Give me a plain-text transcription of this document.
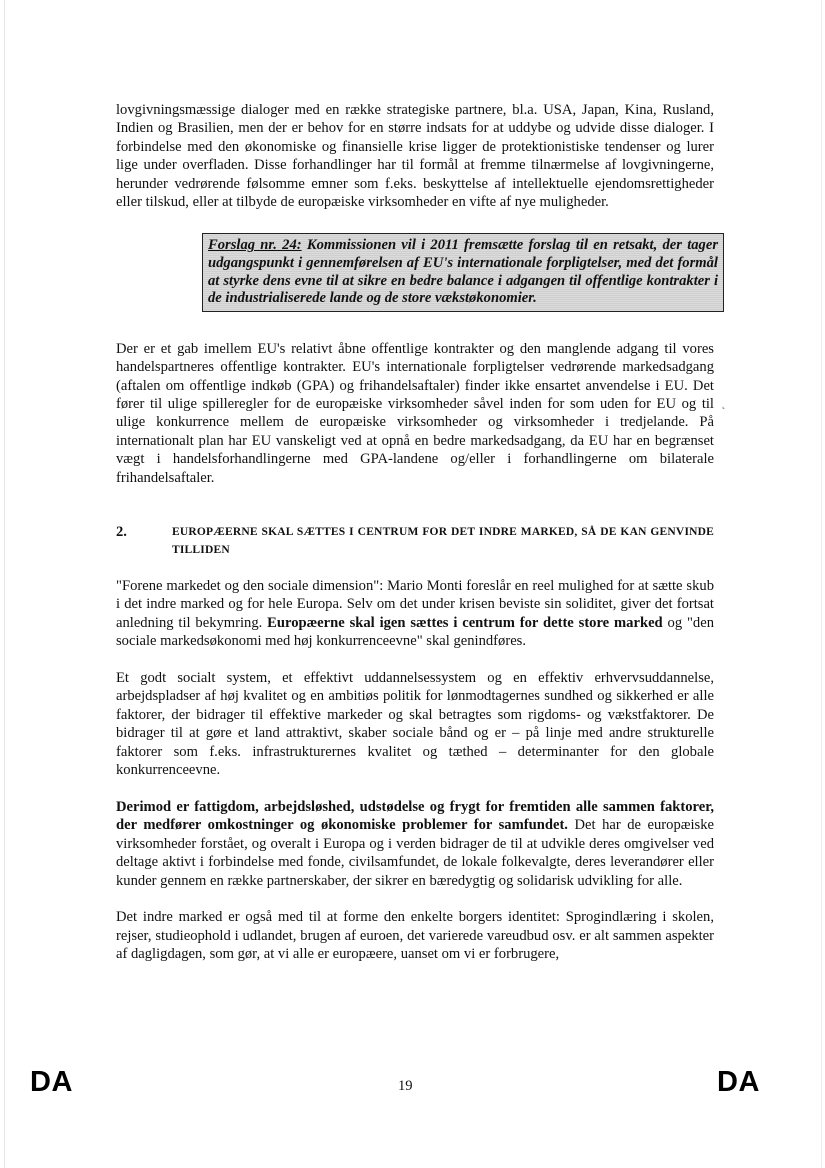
lovgivningsmæssige dialoger med en række strategiske partnere, bl.a. USA, Japan, Kina, Rusland, Indien og Brasilien, men der er behov for en større indsats for at uddybe og udvide disse dialoger. I forbindelse med den økonomiske og finansielle krise ligger de protektionistiske tendenser og lurer lige under overfladen. Disse forhandlinger har til formål at fremme tilnærmelse af lovgivningerne, herunder vedrørende følsomme emner som f.eks. beskyttelse af intellektuelle ejendomsrettigheder eller tilskud, eller at tilbyde de europæiske virksomheder en vifte af nye muligheder.

Forslag nr. 24: Kommissionen vil i 2011 fremsætte forslag til en retsakt, der tager udgangspunkt i gennemførelsen af EU's internationale forpligtelser, med det formål at styrke dens evne til at sikre en bedre balance i adgangen til offentlige kontrakter i de industrialiserede lande og de store vækstøkonomier.

Der er et gab imellem EU's relativt åbne offentlige kontrakter og den manglende adgang til vores handelspartneres offentlige kontrakter. EU's internationale forpligtelser vedrørende markedsadgang (aftalen om offentlige indkøb (GPA) og frihandelsaftaler) finder ikke ensartet anvendelse i EU. Det fører til ulige spilleregler for de europæiske virksomheder såvel inden for som uden for EU og til ulige konkurrence mellem de europæiske virksomheder og virksomheder i tredjelande. På internationalt plan har EU vanskeligt ved at opnå en bedre markedsadgang, da EU har en begrænset vægt i handelsforhandlingerne med GPA-landene og/eller i forhandlingerne om bilaterale frihandelsaftaler.

2.	EUROPÆERNE SKAL SÆTTES I CENTRUM FOR DET INDRE MARKED, SÅ DE KAN GENVINDE TILLIDEN

"Forene markedet og den sociale dimension": Mario Monti foreslår en reel mulighed for at sætte skub i det indre marked og for hele Europa. Selv om det under krisen beviste sin soliditet, giver det fortsat anledning til bekymring. Europæerne skal igen sættes i centrum for dette store marked og "den sociale markedsøkonomi med høj konkurrenceevne" skal genindføres.

Et godt socialt system, et effektivt uddannelsessystem og en effektiv erhvervsuddannelse, arbejdspladser af høj kvalitet og en ambitiøs politik for lønmodtagernes sundhed og sikkerhed er alle faktorer, der bidrager til effektive markeder og skal betragtes som rigdoms- og vækstfaktorer. De bidrager til at gøre et land attraktivt, skaber sociale bånd og er – på linje med andre strukturelle faktorer som f.eks. infrastrukturernes kvalitet og tæthed – determinanter for den globale konkurrenceevne.

Derimod er fattigdom, arbejdsløshed, udstødelse og frygt for fremtiden alle sammen faktorer, der medfører omkostninger og økonomiske problemer for samfundet. Det har de europæiske virksomheder forstået, og overalt i Europa og i verden bidrager de til at udvikle deres omgivelser ved deltage aktivt i forbindelse med fonde, civilsamfundet, de lokale folkevalgte, deres leverandører eller kunder gennem en række partnerskaber, der sikrer en bæredygtig og solidarisk udvikling for alle.

Det indre marked er også med til at forme den enkelte borgers identitet: Sprogindlæring i skolen, rejser, studieophold i udlandet, brugen af euroen, det varierede vareudbud osv. er alt sammen aspekter af dagligdagen, som gør, at vi alle er europæere, uanset om vi er forbrugere,

˛
DA	19	DA
